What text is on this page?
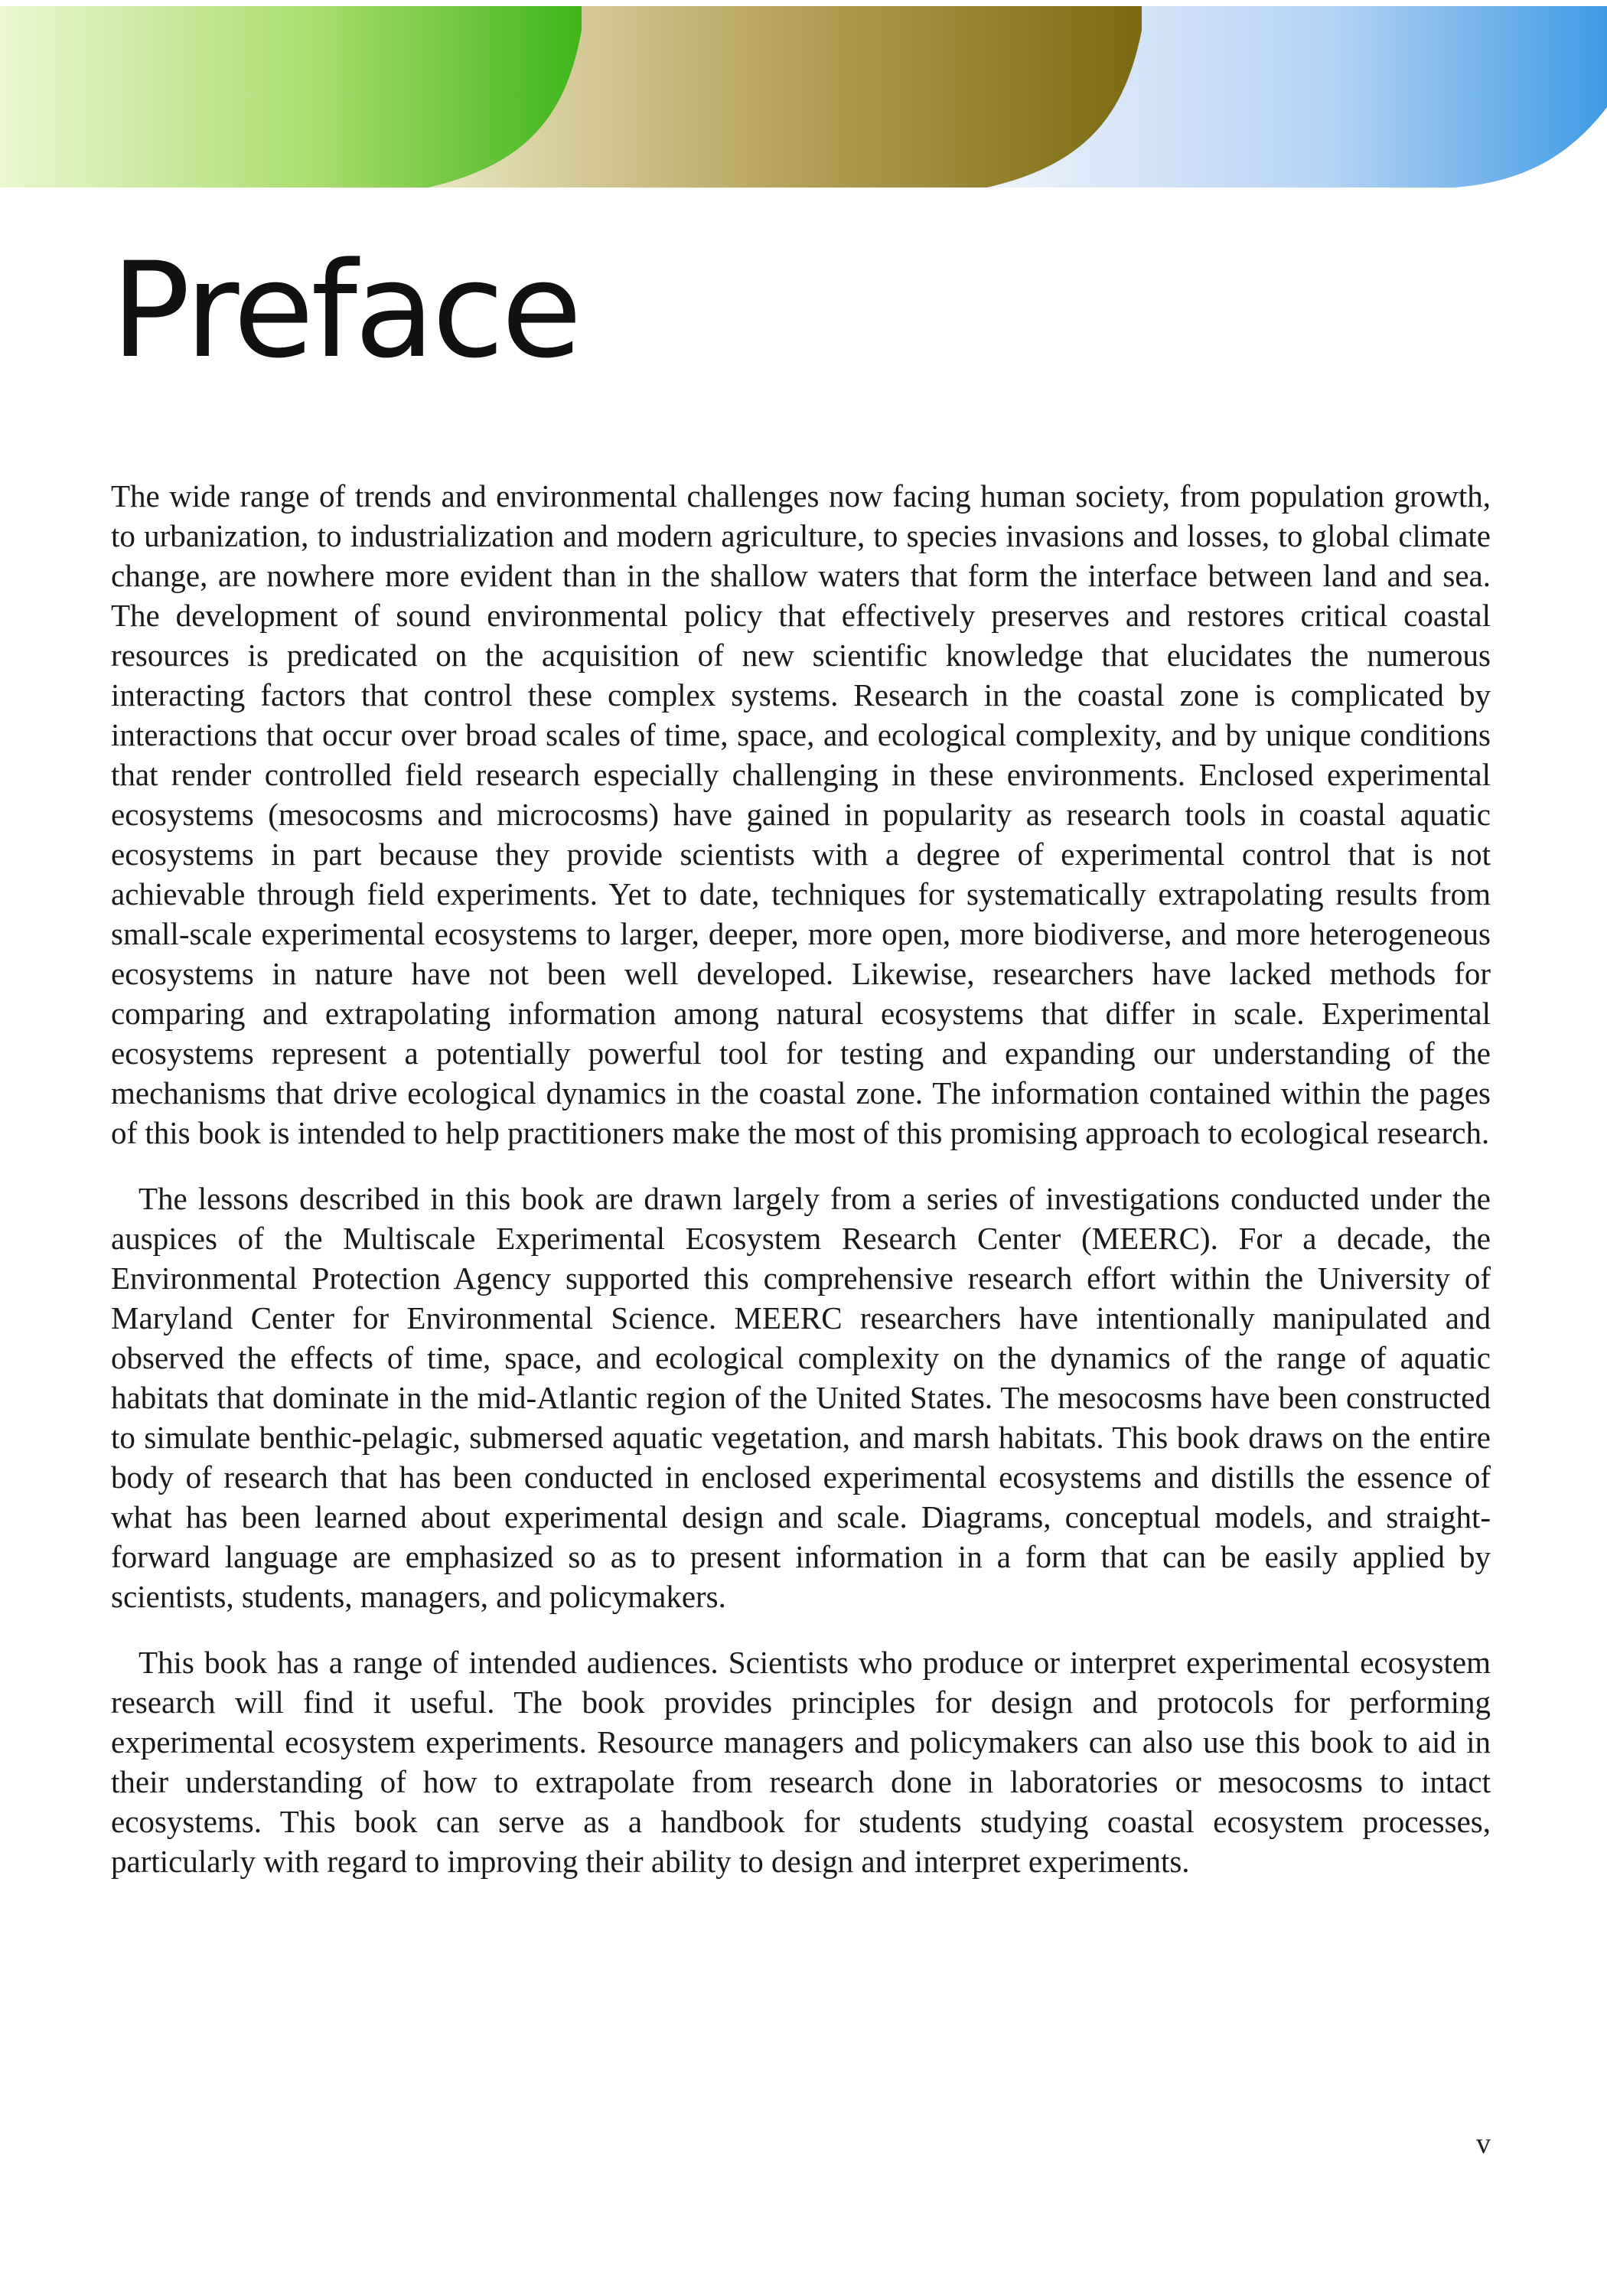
Preface

The wide range of trends and environmental challenges now facing human society, from population growth, to urbanization, to industrialization and modern agriculture, to species invasions and losses, to global climate change, are nowhere more evident than in the shallow waters that form the interface between land and sea. The development of sound environmental policy that effectively preserves and restores critical coastal resources is predicated on the acquisition of new scientific knowledge that elucidates the numerous interacting factors that control these complex systems. Research in the coastal zone is complicated by interactions that occur over broad scales of time, space, and ecological complexity, and by unique conditions that render controlled field research especially challenging in these environments. Enclosed experimental ecosystems (mesocosms and microcosms) have gained in popularity as research tools in coastal aquatic ecosystems in part because they provide scientists with a degree of experimental control that is not achievable through field experiments. Yet to date, techniques for systematically extrapolating results from small-scale experimental ecosystems to larger, deeper, more open, more biodiverse, and more heterogeneous ecosystems in nature have not been well developed. Likewise, researchers have lacked methods for comparing and extrapolating information among natural ecosystems that differ in scale. Experimental ecosystems represent a potentially powerful tool for testing and expanding our understanding of the mechanisms that drive ecological dynamics in the coastal zone. The information contained within the pages of this book is intended to help practitioners make the most of this promising approach to ecological research.

The lessons described in this book are drawn largely from a series of investigations conducted under the auspices of the Multiscale Experimental Ecosystem Research Center (MEERC). For a decade, the Environmental Protection Agency supported this comprehensive research effort within the University of Maryland Center for Environmental Science. MEERC researchers have intentionally manipulated and observed the effects of time, space, and ecological complexity on the dynamics of the range of aquatic habitats that dominate in the mid-Atlantic region of the United States. The mesocosms have been constructed to simulate benthic-pelagic, submersed aquatic vegetation, and marsh habitats. This book draws on the entire body of research that has been conducted in enclosed experimental ecosystems and distills the essence of what has been learned about experimental design and scale. Diagrams, conceptual models, and straight-forward language are emphasized so as to present information in a form that can be easily applied by scientists, students, managers, and policymakers.

This book has a range of intended audiences. Scientists who produce or interpret experimental ecosystem research will find it useful. The book provides principles for design and protocols for performing experimental ecosystem experiments. Resource managers and policymakers can also use this book to aid in their understanding of how to extrapolate from research done in laboratories or mesocosms to intact ecosystems. This book can serve as a handbook for students studying coastal ecosystem processes, particularly with regard to improving their ability to design and interpret experiments.

v
